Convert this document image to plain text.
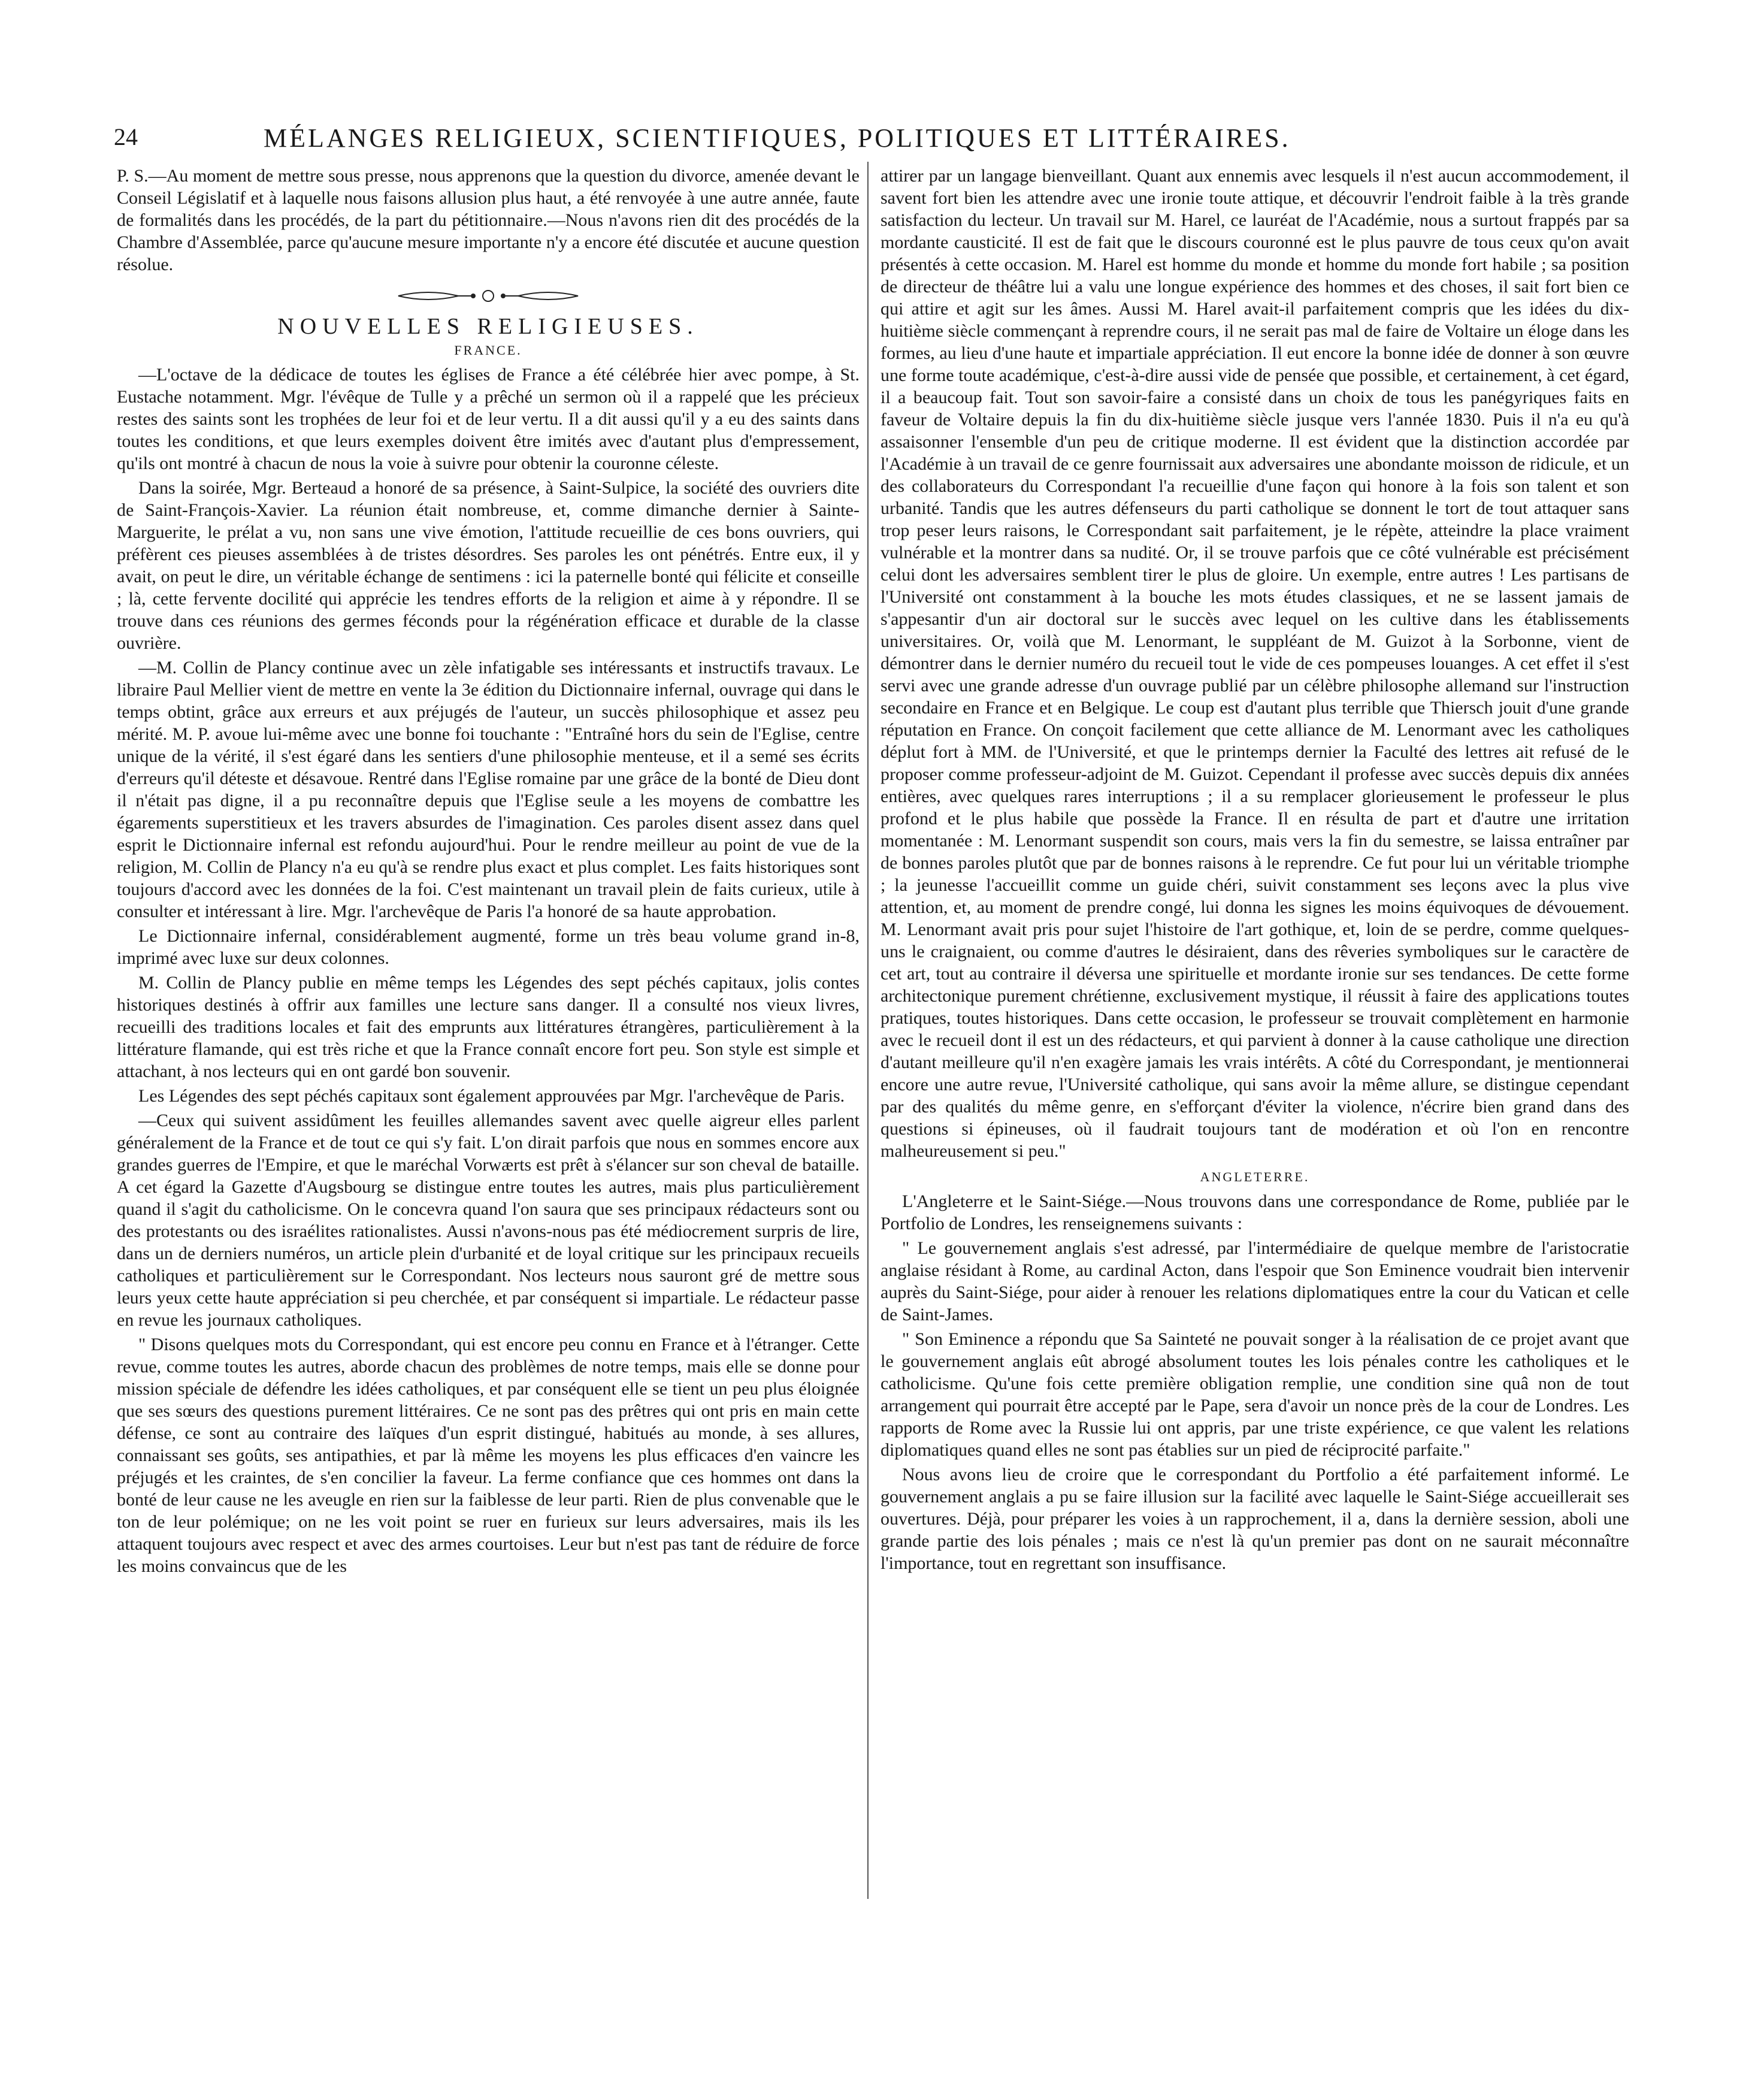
24	MÉLANGES RELIGIEUX, SCIENTIFIQUES, POLITIQUES ET LITTÉRAIRES.

P. S.—Au moment de mettre sous presse, nous apprenons que la question du divorce, amenée devant le Conseil Législatif et à laquelle nous faisons allusion plus haut, a été renvoyée à une autre année, faute de formalités dans les procédés, de la part du pétitionnaire.—Nous n'avons rien dit des procédés de la Chambre d'Assemblée, parce qu'aucune mesure importante n'y a encore été discutée et aucune question résolue.

NOUVELLES RELIGIEUSES.
FRANCE.

—L'octave de la dédicace de toutes les églises de France a été célébrée hier avec pompe, à St. Eustache notamment. Mgr. l'évêque de Tulle y a prêché un sermon où il a rappelé que les précieux restes des saints sont les trophées de leur foi et de leur vertu. Il a dit aussi qu'il y a eu des saints dans toutes les conditions, et que leurs exemples doivent être imités avec d'autant plus d'empressement, qu'ils ont montré à chacun de nous la voie à suivre pour obtenir la couronne céleste.

Dans la soirée, Mgr. Berteaud a honoré de sa présence, à Saint-Sulpice, la société des ouvriers dite de Saint-François-Xavier. La réunion était nombreuse, et, comme dimanche dernier à Sainte-Marguerite, le prélat a vu, non sans une vive émotion, l'attitude recueillie de ces bons ouvriers, qui préfèrent ces pieuses assemblées à de tristes désordres. Ses paroles les ont pénétrés. Entre eux, il y avait, on peut le dire, un véritable échange de sentimens : ici la paternelle bonté qui félicite et conseille ; là, cette fervente docilité qui apprécie les tendres efforts de la religion et aime à y répondre. Il se trouve dans ces réunions des germes féconds pour la régénération efficace et durable de la classe ouvrière.

—M. Collin de Plancy continue avec un zèle infatigable ses intéressants et instructifs travaux. Le libraire Paul Mellier vient de mettre en vente la 3e édition du Dictionnaire infernal, ouvrage qui dans le temps obtint, grâce aux erreurs et aux préjugés de l'auteur, un succès philosophique et assez peu mérité. M. P. avoue lui-même avec une bonne foi touchante : "Entraîné hors du sein de l'Eglise, centre unique de la vérité, il s'est égaré dans les sentiers d'une philosophie menteuse, et il a semé ses écrits d'erreurs qu'il déteste et désavoue. Rentré dans l'Eglise romaine par une grâce de la bonté de Dieu dont il n'était pas digne, il a pu reconnaître depuis que l'Eglise seule a les moyens de combattre les égarements superstitieux et les travers absurdes de l'imagination. Ces paroles disent assez dans quel esprit le Dictionnaire infernal est refondu aujourd'hui. Pour le rendre meilleur au point de vue de la religion, M. Collin de Plancy n'a eu qu'à se rendre plus exact et plus complet. Les faits historiques sont toujours d'accord avec les données de la foi. C'est maintenant un travail plein de faits curieux, utile à consulter et intéressant à lire. Mgr. l'archevêque de Paris l'a honoré de sa haute approbation.

Le Dictionnaire infernal, considérablement augmenté, forme un très beau volume grand in-8, imprimé avec luxe sur deux colonnes.

M. Collin de Plancy publie en même temps les Légendes des sept péchés capitaux, jolis contes historiques destinés à offrir aux familles une lecture sans danger. Il a consulté nos vieux livres, recueilli des traditions locales et fait des emprunts aux littératures étrangères, particulièrement à la littérature flamande, qui est très riche et que la France connaît encore fort peu. Son style est simple et attachant, à nos lecteurs qui en ont gardé bon souvenir.

Les Légendes des sept péchés capitaux sont également approuvées par Mgr. l'archevêque de Paris.

—Ceux qui suivent assidûment les feuilles allemandes savent avec quelle aigreur elles parlent généralement de la France et de tout ce qui s'y fait. L'on dirait parfois que nous en sommes encore aux grandes guerres de l'Empire, et que le maréchal Vorwærts est prêt à s'élancer sur son cheval de bataille. A cet égard la Gazette d'Augsbourg se distingue entre toutes les autres, mais plus particulièrement quand il s'agit du catholicisme. On le concevra quand l'on saura que ses principaux rédacteurs sont ou des protestants ou des israélites rationalistes. Aussi n'avons-nous pas été médiocrement surpris de lire, dans un de derniers numéros, un article plein d'urbanité et de loyal critique sur les principaux recueils catholiques et particulièrement sur le Correspondant. Nos lecteurs nous sauront gré de mettre sous leurs yeux cette haute appréciation si peu cherchée, et par conséquent si impartiale. Le rédacteur passe en revue les journaux catholiques.

" Disons quelques mots du Correspondant, qui est encore peu connu en France et à l'étranger. Cette revue, comme toutes les autres, aborde chacun des problèmes de notre temps, mais elle se donne pour mission spéciale de défendre les idées catholiques, et par conséquent elle se tient un peu plus éloignée que ses sœurs des questions purement littéraires. Ce ne sont pas des prêtres qui ont pris en main cette défense, ce sont au contraire des laïques d'un esprit distingué, habitués au monde, à ses allures, connaissant ses goûts, ses antipathies, et par là même les moyens les plus efficaces d'en vaincre les préjugés et les craintes, de s'en concilier la faveur. La ferme confiance que ces hommes ont dans la bonté de leur cause ne les aveugle en rien sur la faiblesse de leur parti. Rien de plus convenable que le ton de leur polémique; on ne les voit point se ruer en furieux sur leurs adversaires, mais ils les attaquent toujours avec respect et avec des armes courtoises. Leur but n'est pas tant de réduire de force les moins convaincus que de les

attirer par un langage bienveillant. Quant aux ennemis avec lesquels il n'est aucun accommodement, il savent fort bien les attendre avec une ironie toute attique, et découvrir l'endroit faible à la très grande satisfaction du lecteur. Un travail sur M. Harel, ce lauréat de l'Académie, nous a surtout frappés par sa mordante causticité. Il est de fait que le discours couronné est le plus pauvre de tous ceux qu'on avait présentés à cette occasion. M. Harel est homme du monde et homme du monde fort habile ; sa position de directeur de théâtre lui a valu une longue expérience des hommes et des choses, il sait fort bien ce qui attire et agit sur les âmes. Aussi M. Harel avait-il parfaitement compris que les idées du dix-huitième siècle commençant à reprendre cours, il ne serait pas mal de faire de Voltaire un éloge dans les formes, au lieu d'une haute et impartiale appréciation. Il eut encore la bonne idée de donner à son œuvre une forme toute académique, c'est-à-dire aussi vide de pensée que possible, et certainement, à cet égard, il a beaucoup fait. Tout son savoir-faire a consisté dans un choix de tous les panégyriques faits en faveur de Voltaire depuis la fin du dix-huitième siècle jusque vers l'année 1830. Puis il n'a eu qu'à assaisonner l'ensemble d'un peu de critique moderne. Il est évident que la distinction accordée par l'Académie à un travail de ce genre fournissait aux adversaires une abondante moisson de ridicule, et un des collaborateurs du Correspondant l'a recueillie d'une façon qui honore à la fois son talent et son urbanité. Tandis que les autres défenseurs du parti catholique se donnent le tort de tout attaquer sans trop peser leurs raisons, le Correspondant sait parfaitement, je le répète, atteindre la place vraiment vulnérable et la montrer dans sa nudité. Or, il se trouve parfois que ce côté vulnérable est précisément celui dont les adversaires semblent tirer le plus de gloire. Un exemple, entre autres ! Les partisans de l'Université ont constamment à la bouche les mots études classiques, et ne se lassent jamais de s'appesantir d'un air doctoral sur le succès avec lequel on les cultive dans les établissements universitaires. Or, voilà que M. Lenormant, le suppléant de M. Guizot à la Sorbonne, vient de démontrer dans le dernier numéro du recueil tout le vide de ces pompeuses louanges. A cet effet il s'est servi avec une grande adresse d'un ouvrage publié par un célèbre philosophe allemand sur l'instruction secondaire en France et en Belgique. Le coup est d'autant plus terrible que Thiersch jouit d'une grande réputation en France. On conçoit facilement que cette alliance de M. Lenormant avec les catholiques déplut fort à MM. de l'Université, et que le printemps dernier la Faculté des lettres ait refusé de le proposer comme professeur-adjoint de M. Guizot. Cependant il professe avec succès depuis dix années entières, avec quelques rares interruptions ; il a su remplacer glorieusement le professeur le plus profond et le plus habile que possède la France. Il en résulta de part et d'autre une irritation momentanée : M. Lenormant suspendit son cours, mais vers la fin du semestre, se laissa entraîner par de bonnes paroles plutôt que par de bonnes raisons à le reprendre. Ce fut pour lui un véritable triomphe ; la jeunesse l'accueillit comme un guide chéri, suivit constamment ses leçons avec la plus vive attention, et, au moment de prendre congé, lui donna les signes les moins équivoques de dévouement. M. Lenormant avait pris pour sujet l'histoire de l'art gothique, et, loin de se perdre, comme quelques-uns le craignaient, ou comme d'autres le désiraient, dans des rêveries symboliques sur le caractère de cet art, tout au contraire il déversa une spirituelle et mordante ironie sur ses tendances. De cette forme architectonique purement chrétienne, exclusivement mystique, il réussit à faire des applications toutes pratiques, toutes historiques. Dans cette occasion, le professeur se trouvait complètement en harmonie avec le recueil dont il est un des rédacteurs, et qui parvient à donner à la cause catholique une direction d'autant meilleure qu'il n'en exagère jamais les vrais intérêts. A côté du Correspondant, je mentionnerai encore une autre revue, l'Université catholique, qui sans avoir la même allure, se distingue cependant par des qualités du même genre, en s'efforçant d'éviter la violence, n'écrire bien grand dans des questions si épineuses, où il faudrait toujours tant de modération et où l'on en rencontre malheureusement si peu."

ANGLETERRE.

L'Angleterre et le Saint-Siége.—Nous trouvons dans une correspondance de Rome, publiée par le Portfolio de Londres, les renseignemens suivants :

" Le gouvernement anglais s'est adressé, par l'intermédiaire de quelque membre de l'aristocratie anglaise résidant à Rome, au cardinal Acton, dans l'espoir que Son Eminence voudrait bien intervenir auprès du Saint-Siége, pour aider à renouer les relations diplomatiques entre la cour du Vatican et celle de Saint-James.

" Son Eminence a répondu que Sa Sainteté ne pouvait songer à la réalisation de ce projet avant que le gouvernement anglais eût abrogé absolument toutes les lois pénales contre les catholiques et le catholicisme. Qu'une fois cette première obligation remplie, une condition sine quâ non de tout arrangement qui pourrait être accepté par le Pape, sera d'avoir un nonce près de la cour de Londres. Les rapports de Rome avec la Russie lui ont appris, par une triste expérience, ce que valent les relations diplomatiques quand elles ne sont pas établies sur un pied de réciprocité parfaite."

Nous avons lieu de croire que le correspondant du Portfolio a été parfaitement informé. Le gouvernement anglais a pu se faire illusion sur la facilité avec laquelle le Saint-Siége accueillerait ses ouvertures. Déjà, pour préparer les voies à un rapprochement, il a, dans la dernière session, aboli une grande partie des lois pénales ; mais ce n'est là qu'un premier pas dont on ne saurait méconnaître l'importance, tout en regrettant son insuffisance.
